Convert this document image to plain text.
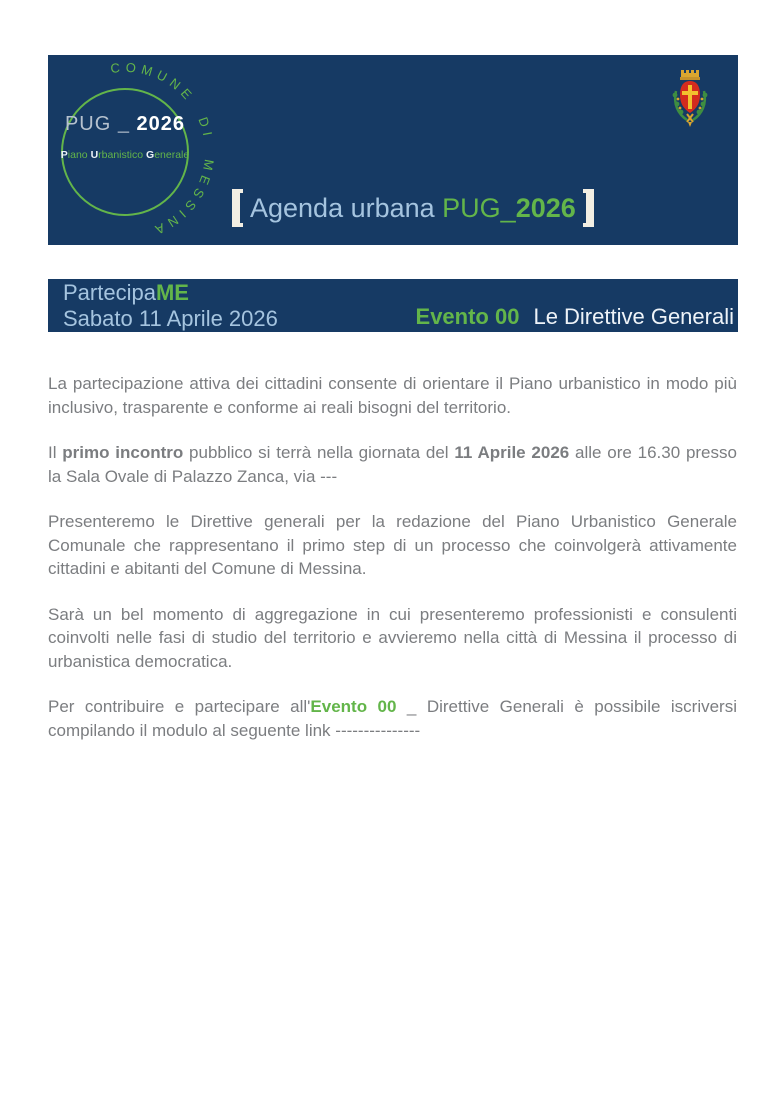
COMUNE DI MESSINA
PUG _ 2026
Piano Urbanistico Generale
Agenda urbana PUG_2026
PartecipaME
Sabato 11 Aprile 2026	Evento 00 Le Direttive Generali

La partecipazione attiva dei cittadini consente di orientare il Piano urbanistico in modo più inclusivo, trasparente e conforme ai reali bisogni del territorio.

Il primo incontro pubblico si terrà nella giornata del 11 Aprile 2026 alle ore 16.30 presso la Sala Ovale di Palazzo Zanca, via ---

Presenteremo le Direttive generali per la redazione del Piano Urbanistico Generale Comunale che rappresentano il primo step di un processo che coinvolgerà attivamente cittadini e abitanti del Comune di Messina.

Sarà un bel momento di aggregazione in cui presenteremo professionisti e consulenti coinvolti nelle fasi di studio del territorio e avvieremo nella città di Messina il processo di urbanistica democratica.

Per contribuire e partecipare all'Evento 00 _ Direttive Generali è possibile iscriversi compilando il modulo al seguente link ---------------
